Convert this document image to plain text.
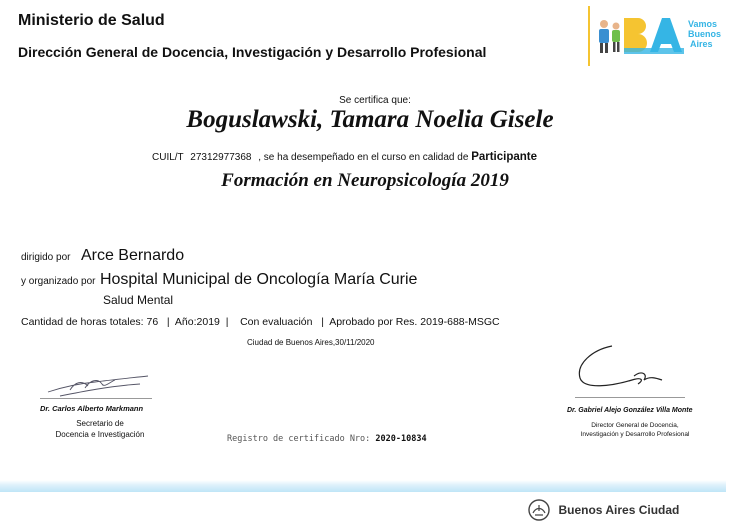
Ministerio de Salud
Dirección General de Docencia, Investigación y Desarrollo Profesional
Vamos
Buenos
Aires
Se certifica que:
Boguslawski, Tamara Noelia Gisele
CUIL/T 27312977368 , se ha desempeñado en el curso en calidad de Participante
Formación en Neuropsicología 2019
dirigido por Arce Bernardo
y organizado por Hospital Municipal de Oncología María Curie
Salud Mental
Cantidad de horas totales: 76   |  Año:2019  |    Con evaluación   |  Aprobado por Res. 2019-688-MSGC
Ciudad de Buenos Aires,30/11/2020
Dr. Carlos Alberto Markmann
Secretario de
Docencia e Investigación
Dr. Gabriel Alejo González Villa Monte
Director General de Docencia,
Investigación y Desarrollo Profesional
Registro de certificado Nro: 2020-10834
Buenos Aires Ciudad
